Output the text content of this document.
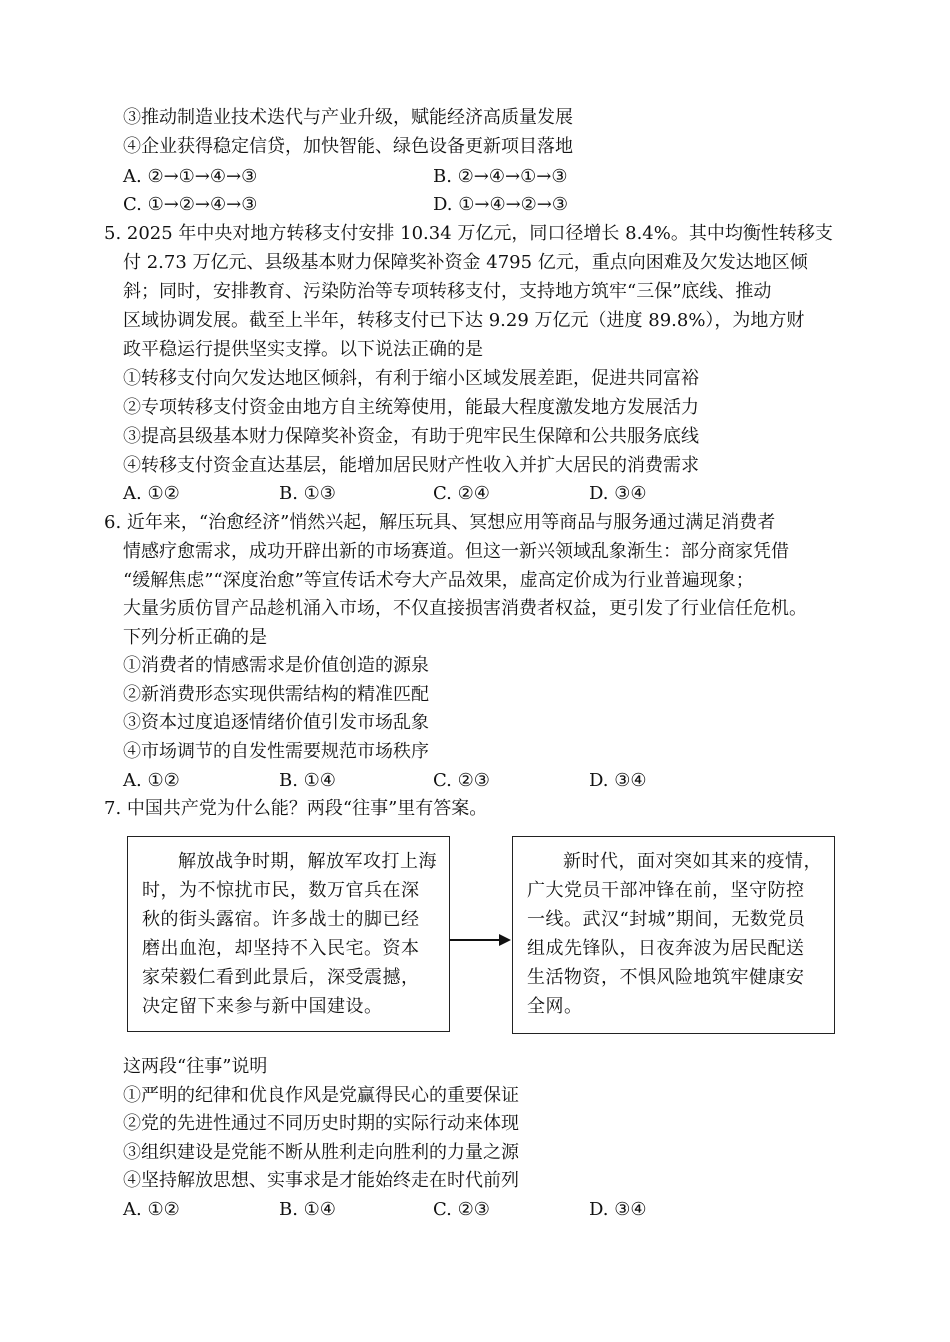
③推动制造业技术迭代与产业升级，赋能经济高质量发展
④企业获得稳定信贷，加快智能、绿色设备更新项目落地
A. ②→①→④→③	B. ②→④→①→③
C. ①→②→④→③	D. ①→④→②→③
5. 2025 年中央对地方转移支付安排 10.34 万亿元，同口径增长 8.4%。其中均衡性转移支
付 2.73 万亿元、县级基本财力保障奖补资金 4795 亿元，重点向困难及欠发达地区倾
斜；同时，安排教育、污染防治等专项转移支付，支持地方筑牢“三保”底线、推动
区域协调发展。截至上半年，转移支付已下达 9.29 万亿元（进度 89.8%），为地方财
政平稳运行提供坚实支撑。以下说法正确的是
①转移支付向欠发达地区倾斜，有利于缩小区域发展差距，促进共同富裕
②专项转移支付资金由地方自主统筹使用，能最大程度激发地方发展活力
③提高县级基本财力保障奖补资金，有助于兜牢民生保障和公共服务底线
④转移支付资金直达基层，能增加居民财产性收入并扩大居民的消费需求
A. ①②	B. ①③	C. ②④	D. ③④
6. 近年来，“治愈经济”悄然兴起，解压玩具、冥想应用等商品与服务通过满足消费者
情感疗愈需求，成功开辟出新的市场赛道。但这一新兴领域乱象渐生：部分商家凭借
“缓解焦虑”“深度治愈”等宣传话术夸大产品效果，虚高定价成为行业普遍现象；
大量劣质仿冒产品趁机涌入市场，不仅直接损害消费者权益，更引发了行业信任危机。
下列分析正确的是
①消费者的情感需求是价值创造的源泉
②新消费形态实现供需结构的精准匹配
③资本过度追逐情绪价值引发市场乱象
④市场调节的自发性需要规范市场秩序
A. ①②	B. ①④	C. ②③	D. ③④
7. 中国共产党为什么能？两段“往事”里有答案。

解放战争时期，解放军攻打上海时，为不惊扰市民，数万官兵在深秋的街头露宿。许多战士的脚已经磨出血泡，却坚持不入民宅。资本家荣毅仁看到此景后，深受震撼，决定留下来参与新中国建设。

新时代，面对突如其来的疫情，广大党员干部冲锋在前，坚守防控一线。武汉“封城”期间，无数党员组成先锋队，日夜奔波为居民配送生活物资，不惧风险地筑牢健康安全网。

这两段“往事”说明
①严明的纪律和优良作风是党赢得民心的重要保证
②党的先进性通过不同历史时期的实际行动来体现
③组织建设是党能不断从胜利走向胜利的力量之源
④坚持解放思想、实事求是才能始终走在时代前列
A. ①②	B. ①④	C. ②③	D. ③④
